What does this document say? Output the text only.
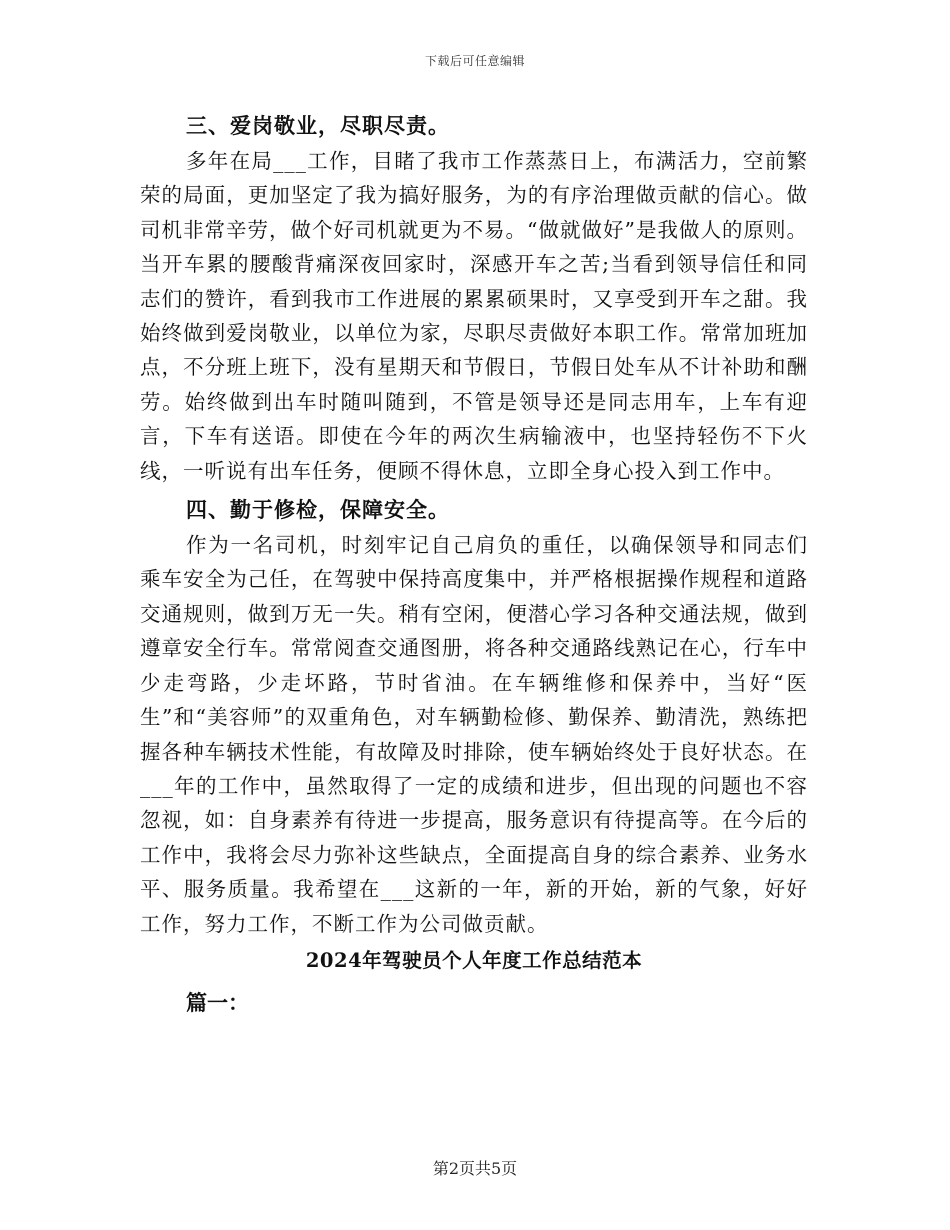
下载后可任意编辑

三、爱岗敬业，尽职尽责。

多年在局___工作，目睹了我市工作蒸蒸日上，布满活力，空前繁荣的局面，更加坚定了我为搞好服务，为的有序治理做贡献的信心。做司机非常辛劳，做个好司机就更为不易。“做就做好”是我做人的原则。当开车累的腰酸背痛深夜回家时，深感开车之苦;当看到领导信任和同志们的赞许，看到我市工作进展的累累硕果时，又享受到开车之甜。我始终做到爱岗敬业，以单位为家，尽职尽责做好本职工作。常常加班加点，不分班上班下，没有星期天和节假日，节假日处车从不计补助和酬劳。始终做到出车时随叫随到，不管是领导还是同志用车，上车有迎言，下车有送语。即使在今年的两次生病输液中，也坚持轻伤不下火线，一听说有出车任务，便顾不得休息，立即全身心投入到工作中。

四、勤于修检，保障安全。

作为一名司机，时刻牢记自己肩负的重任，以确保领导和同志们乘车安全为己任，在驾驶中保持高度集中，并严格根据操作规程和道路交通规则，做到万无一失。稍有空闲，便潜心学习各种交通法规，做到遵章安全行车。常常阅查交通图册，将各种交通路线熟记在心，行车中少走弯路，少走坏路，节时省油。在车辆维修和保养中，当好“医生”和“美容师”的双重角色，对车辆勤检修、勤保养、勤清洗，熟练把握各种车辆技术性能，有故障及时排除，使车辆始终处于良好状态。在___年的工作中，虽然取得了一定的成绩和进步，但出现的问题也不容忽视，如：自身素养有待进一步提高，服务意识有待提高等。在今后的工作中，我将会尽力弥补这些缺点，全面提高自身的综合素养、业务水平、服务质量。我希望在___这新的一年，新的开始，新的气象，好好工作，努力工作，不断工作为公司做贡献。

2024年驾驶员个人年度工作总结范本

篇一：

第2页共5页
